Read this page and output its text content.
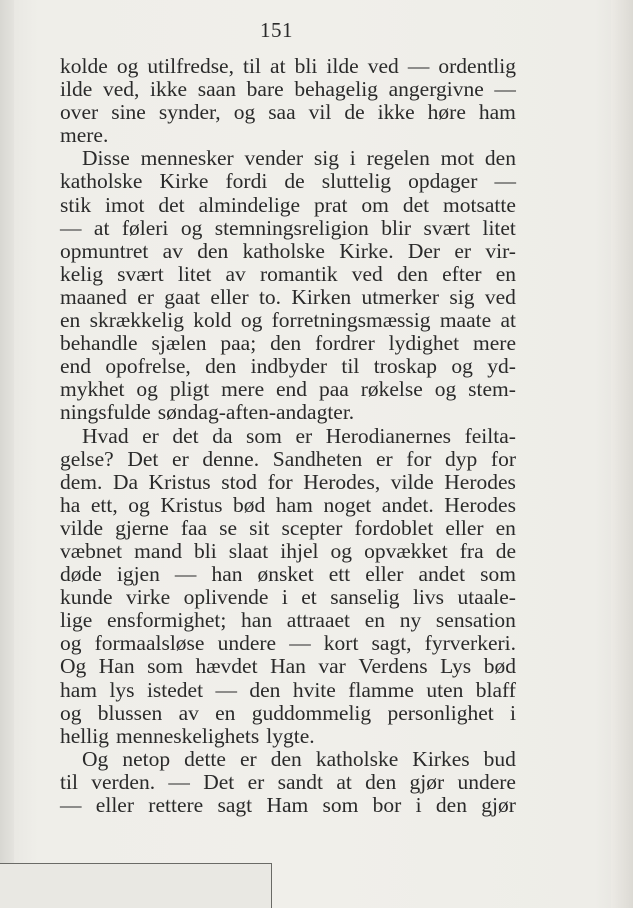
151
kolde og utilfredse, til at bli ilde ved — ordentlig
ilde ved, ikke saan bare behagelig angergivne —
over sine synder, og saa vil de ikke høre ham
mere.
Disse mennesker vender sig i regelen mot den
katholske Kirke fordi de sluttelig opdager —
stik imot det almindelige prat om det motsatte
— at føleri og stemningsreligion blir svært litet
opmuntret av den katholske Kirke. Der er vir-
kelig svært litet av romantik ved den efter en
maaned er gaat eller to. Kirken utmerker sig ved
en skrækkelig kold og forretningsmæssig maate at
behandle sjælen paa; den fordrer lydighet mere
end opofrelse, den indbyder til troskap og yd-
mykhet og pligt mere end paa røkelse og stem-
ningsfulde søndag-aften-andagter.
Hvad er det da som er Herodianernes feilta-
gelse? Det er denne. Sandheten er for dyp for
dem. Da Kristus stod for Herodes, vilde Herodes
ha ett, og Kristus bød ham noget andet. Herodes
vilde gjerne faa se sit scepter fordoblet eller en
væbnet mand bli slaat ihjel og opvækket fra de
døde igjen — han ønsket ett eller andet som
kunde virke oplivende i et sanselig livs utaale-
lige ensformighet; han attraaet en ny sensation
og formaalsløse undere — kort sagt, fyrverkeri.
Og Han som hævdet Han var Verdens Lys bød
ham lys istedet — den hvite flamme uten blaff
og blussen av en guddommelig personlighet i
hellig menneskelighets lygte.
Og netop dette er den katholske Kirkes bud
til verden. — Det er sandt at den gjør undere
— eller rettere sagt Ham som bor i den gjør
